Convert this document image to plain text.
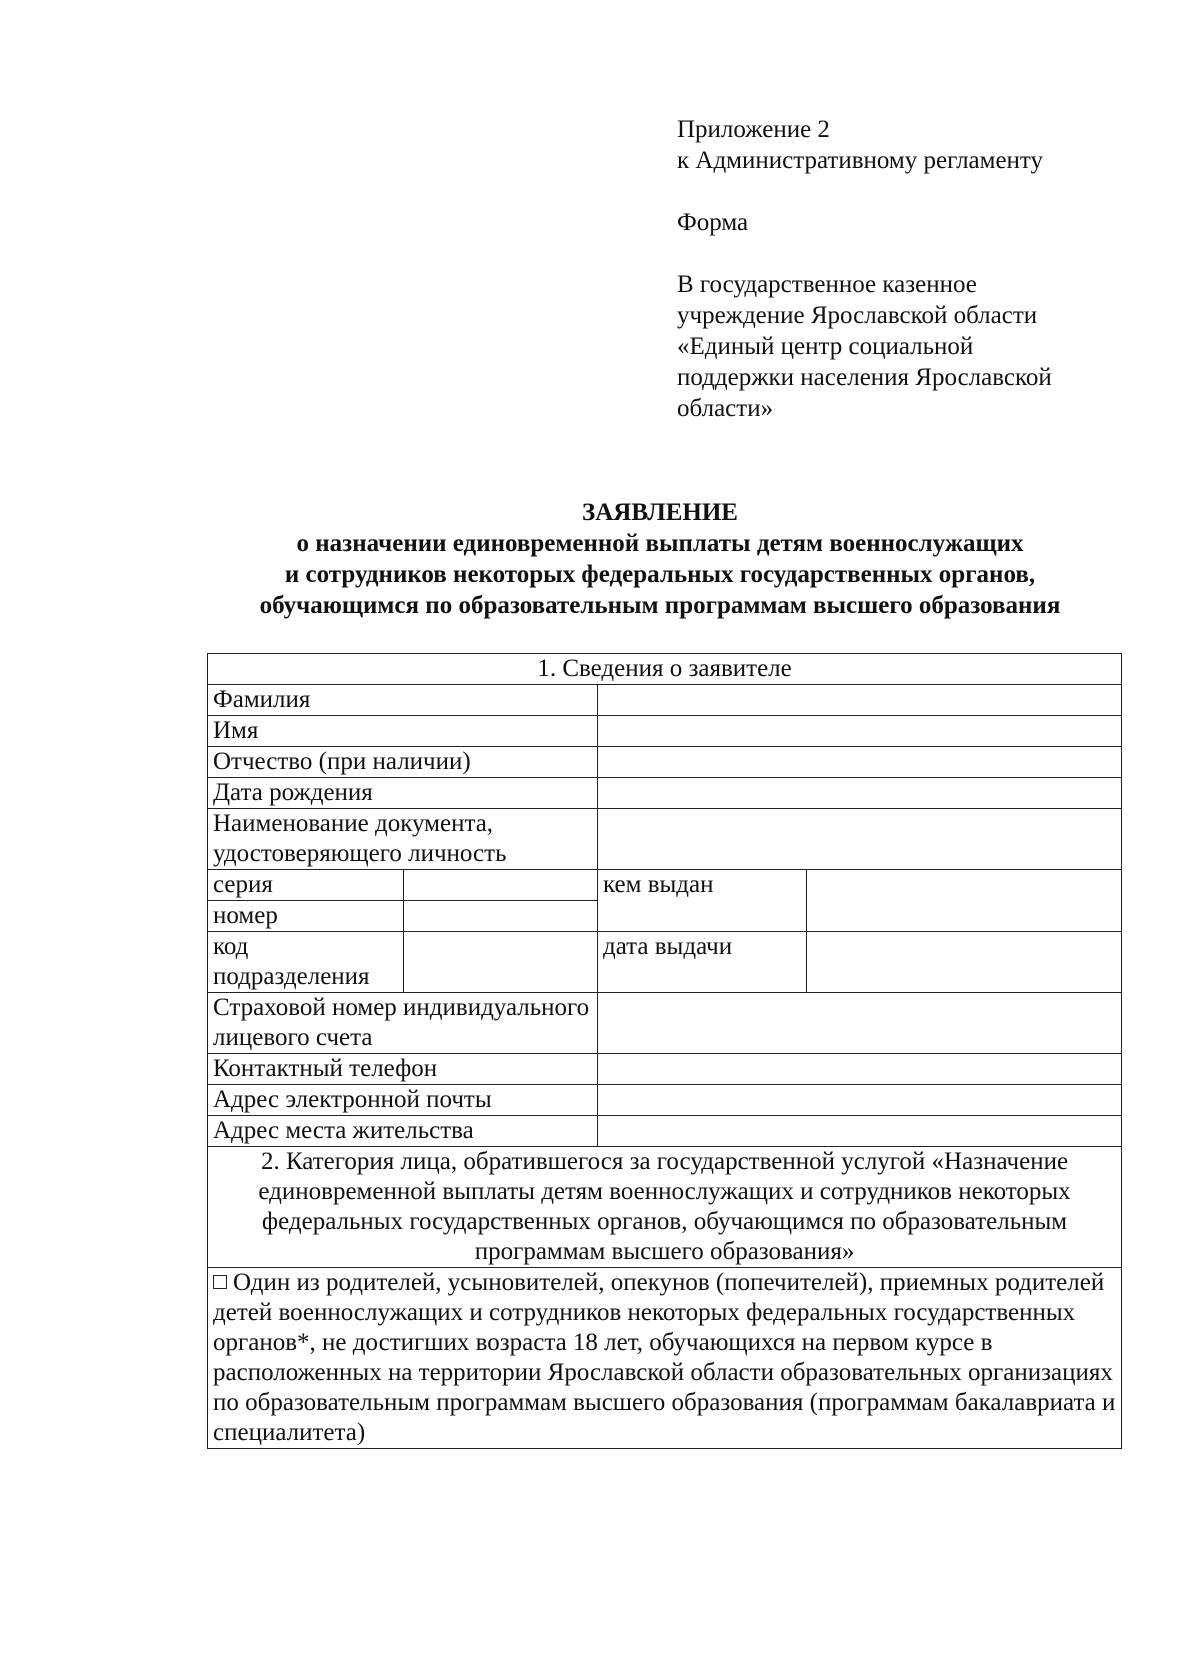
Приложение 2
к Административному регламенту
Форма
В государственное казенное
учреждение Ярославской области
«Единый центр социальной
поддержки населения Ярославской
области»
ЗАЯВЛЕНИЕ
о назначении единовременной выплаты детям военнослужащих
и сотрудников некоторых федеральных государственных органов,
обучающимся по образовательным программам высшего образования
1. Сведения о заявителе			
Фамилия			
Имя			
Отчество (при наличии)			
Дата рождения			
Наименование документа, удостоверяющего личность			
серия		кем выдан	
номер			
код подразделения		дата выдачи	
Страховой номер индивидуального лицевого счета			
Контактный телефон			
Адрес электронной почты			
Адрес места жительства			
2. Категория лица, обратившегося за государственной услугой «Назначение единовременной выплаты детям военнослужащих и сотрудников некоторых федеральных государственных органов, обучающимся по образовательным программам высшего образования»			
Один из родителей, усыновителей, опекунов (попечителей), приемных родителей детей военнослужащих и сотрудников некоторых федеральных государственных органов*, не достигших возраста 18 лет, обучающихся на первом курсе в расположенных на территории Ярославской области образовательных организациях по образовательным программам высшего образования (программам бакалавриата и специалитета)			
